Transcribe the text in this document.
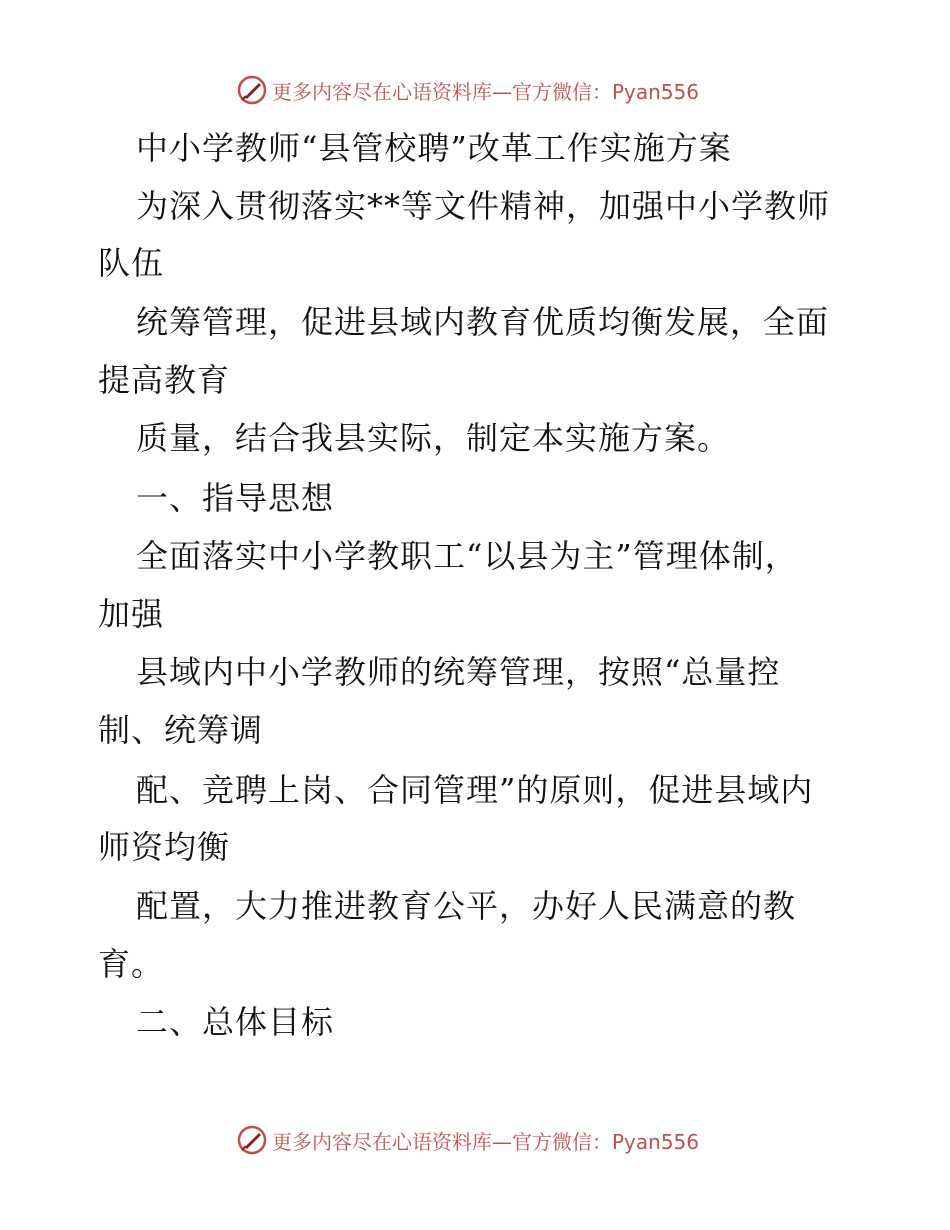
更多内容尽在心语资料库—官方微信：Pyan556
中小学教师“县管校聘”改革工作实施方案
为深入贯彻落实**等文件精神，加强中小学教师
队伍
统筹管理，促进县域内教育优质均衡发展，全面
提高教育
质量，结合我县实际，制定本实施方案。
一、指导思想
全面落实中小学教职工“以县为主”管理体制，
加强
县域内中小学教师的统筹管理，按照“总量控
制、统筹调
配、竞聘上岗、合同管理”的原则，促进县域内
师资均衡
配置，大力推进教育公平，办好人民满意的教
育。
二、总体目标
更多内容尽在心语资料库—官方微信：Pyan556
